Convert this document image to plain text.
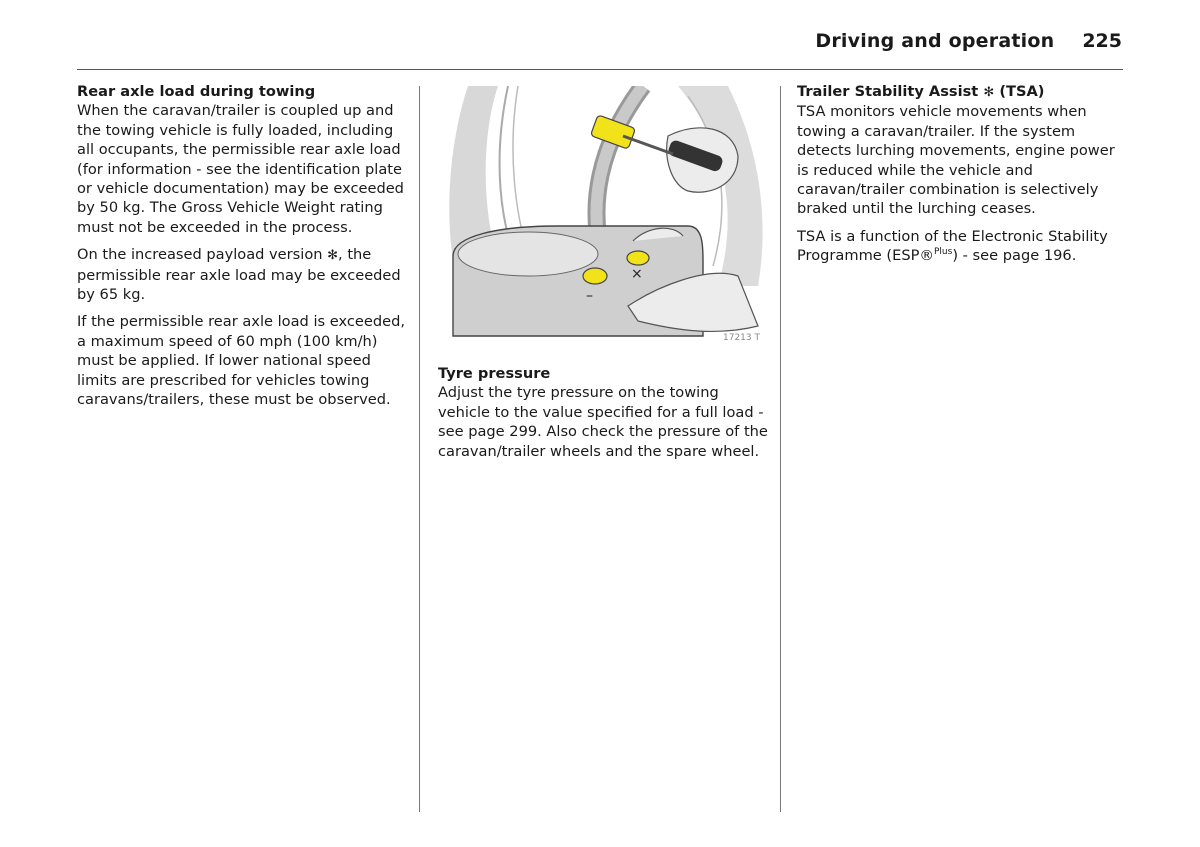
Driving and operation 225
Rear axle load during towing

When the caravan/trailer is coupled up and the towing vehicle is fully loaded, including all occupants, the permissible rear axle load (for information - see the identification plate or vehicle documentation) may be exceeded by 50 kg. The Gross Vehicle Weight rating must not be exceeded in the process.

On the increased payload version ✻, the permissible rear axle load may be exceeded by 65 kg.

If the permissible rear axle load is exceeded, a maximum speed of 60 mph (100 km/h) must be applied. If lower national speed limits are prescribed for vehicles towing caravans/trailers, these must be observed.

–
×
17213 T
Tyre pressure

Adjust the tyre pressure on the towing vehicle to the value specified for a full load - see page 299. Also check the pressure of the caravan/trailer wheels and the spare wheel.

Trailer Stability Assist ✻ (TSA)

TSA monitors vehicle movements when towing a caravan/trailer. If the system detects lurching movements, engine power is reduced while the vehicle and caravan/trailer combination is selectively braked until the lurching ceases.

TSA is a function of the Electronic Stability Programme (ESP®$^{Plus}$) - see page 196.
